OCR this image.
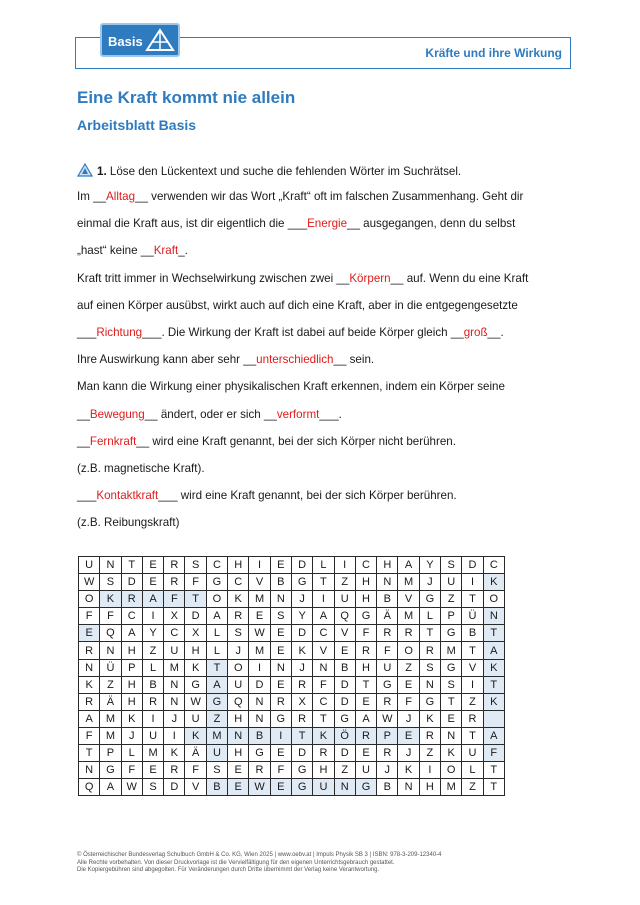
Kräfte und ihre Wirkung
Basis
Eine Kraft kommt nie allein
Arbeitsblatt Basis
1. Löse den Lückentext und suche die fehlenden Wörter im Suchrätsel.
Im __Alltag__ verwenden wir das Wort „Kraft“ oft im falschen Zusammenhang. Geht dir
einmal die Kraft aus, ist dir eigentlich die ___Energie__ ausgegangen, denn du selbst
„hast“ keine __Kraft_.
Kraft tritt immer in Wechselwirkung zwischen zwei __Körpern__ auf. Wenn du eine Kraft
auf einen Körper ausübst, wirkt auch auf dich eine Kraft, aber in die entgegengesetzte
___Richtung___. Die Wirkung der Kraft ist dabei auf beide Körper gleich __groß__.
Ihre Auswirkung kann aber sehr __unterschiedlich__ sein.
Man kann die Wirkung einer physikalischen Kraft erkennen, indem ein Körper seine
__Bewegung__ ändert, oder er sich __verformt___.
__Fernkraft__ wird eine Kraft genannt, bei der sich Körper nicht berühren.
(z.B. magnetische Kraft).
___Kontaktkraft___ wird eine Kraft genannt, bei der sich Körper berühren.
(z.B. Reibungskraft)
U	N	T	E	R	S	C	H	I	E	D	L	I	C	H	A	Y	S	D	C
W	S	D	E	R	F	G	C	V	B	G	T	Z	H	N	M	J	U	I	K
O	K	R	A	F	T	O	K	M	N	J	I	U	H	B	V	G	Z	T	O
F	F	C	I	X	D	A	R	E	S	Y	A	Q	G	Ä	M	L	P	Ü	N
E	Q	A	Y	C	X	L	S	W	E	D	C	V	F	R	R	T	G	B	T
R	N	H	Z	U	H	L	J	M	E	K	V	E	R	F	O	R	M	T	A
N	Ü	P	L	M	K	T	O	I	N	J	N	B	H	U	Z	S	G	V	K
K	Z	H	B	N	G	A	U	D	E	R	F	D	T	G	E	N	S	I	T
R	Ä	H	R	N	W	G	Q	N	R	X	C	D	E	R	F	G	T	Z	K
A	M	K	I	J	U	Z	H	N	G	R	T	G	A	W	J	K	E	R	
F	M	J	U	I	K	M	N	B	I	T	K	Ö	R	P	E	R	N	T	A
T	P	L	M	K	Ä	U	H	G	E	D	R	D	E	R	J	Z	K	U	F
N	G	F	E	R	F	S	E	R	F	G	H	Z	U	J	K	I	O	L	T
Q	A	W	S	D	V	B	E	W	E	G	U	N	G	B	N	H	M	Z	T
© Österreichischer Bundesverlag Schulbuch GmbH & Co. KG, Wien 2025 | www.oebv.at | Impuls Physik SB 3 | ISBN: 978-3-209-12340-4
Alle Rechte vorbehalten. Von dieser Druckvorlage ist die Vervielfältigung für den eigenen Unterrichtsgebrauch gestattet.
Die Kopiergebühren sind abgegolten. Für Veränderungen durch Dritte übernimmt der Verlag keine Verantwortung.
